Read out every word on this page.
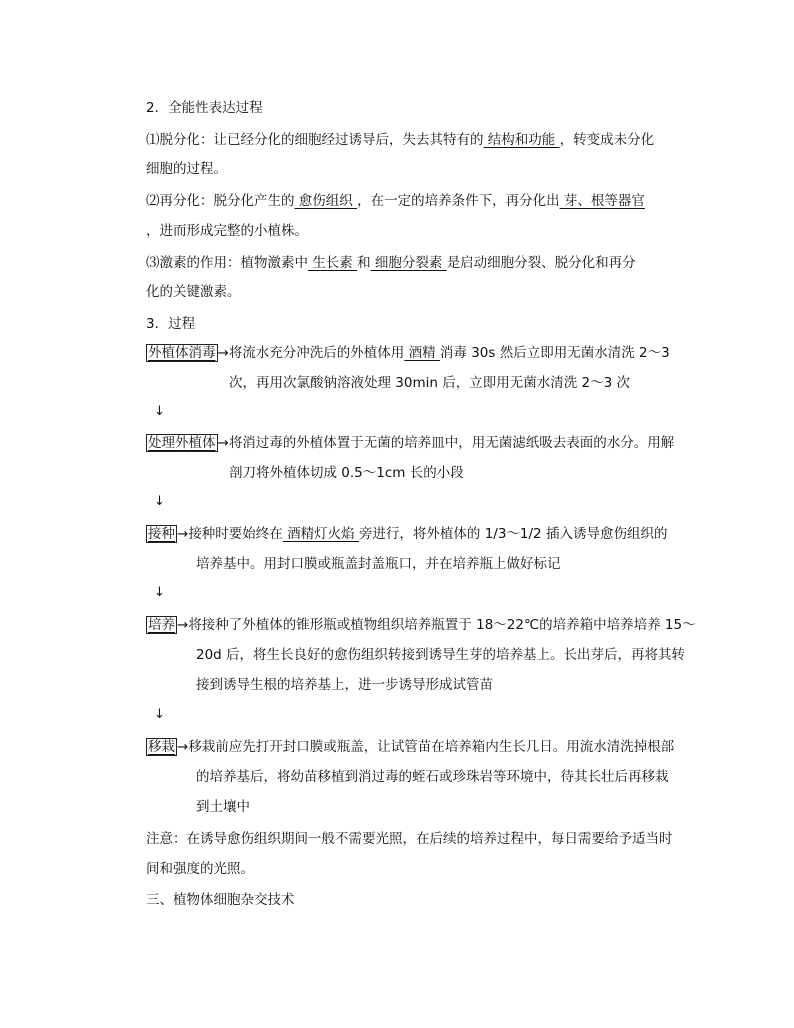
2．全能性表达过程
⑴脱分化：让已经分化的细胞经过诱导后，失去其特有的 结构和功能 ，转变成未分化
细胞的过程。
⑵再分化：脱分化产生的 愈伤组织 ，在一定的培养条件下，再分化出 芽、根等器官
，进而形成完整的小植株。
⑶激素的作用：植物激素中 生长素 和 细胞分裂素 是启动细胞分裂、脱分化和再分
化的关键激素。
3．过程
外植体消毒 →将流水充分冲洗后的外植体用 酒精 消毒 30s 然后立即用无菌水清洗 2～3
次，再用次氯酸钠溶液处理 30min 后，立即用无菌水清洗 2～3 次
↓
处理外植体 →将消过毒的外植体置于无菌的培养皿中，用无菌滤纸吸去表面的水分。用解
剖刀将外植体切成 0.5～1cm 长的小段
↓
接种 →接种时要始终在 酒精灯火焰 旁进行，将外植体的 1/3～1/2 插入诱导愈伤组织的
培养基中。用封口膜或瓶盖封盖瓶口，并在培养瓶上做好标记
↓
培养 →将接种了外植体的锥形瓶或植物组织培养瓶置于 18～22℃的培养箱中培养培养 15～
20d 后，将生长良好的愈伤组织转接到诱导生芽的培养基上。长出芽后，再将其转
接到诱导生根的培养基上，进一步诱导形成试管苗
↓
移栽 →移栽前应先打开封口膜或瓶盖，让试管苗在培养箱内生长几日。用流水清洗掉根部
的培养基后，将幼苗移植到消过毒的蛭石或珍珠岩等环境中，待其长壮后再移栽
到土壤中
注意：在诱导愈伤组织期间一般不需要光照，在后续的培养过程中，每日需要给予适当时
间和强度的光照。
三、植物体细胞杂交技术
